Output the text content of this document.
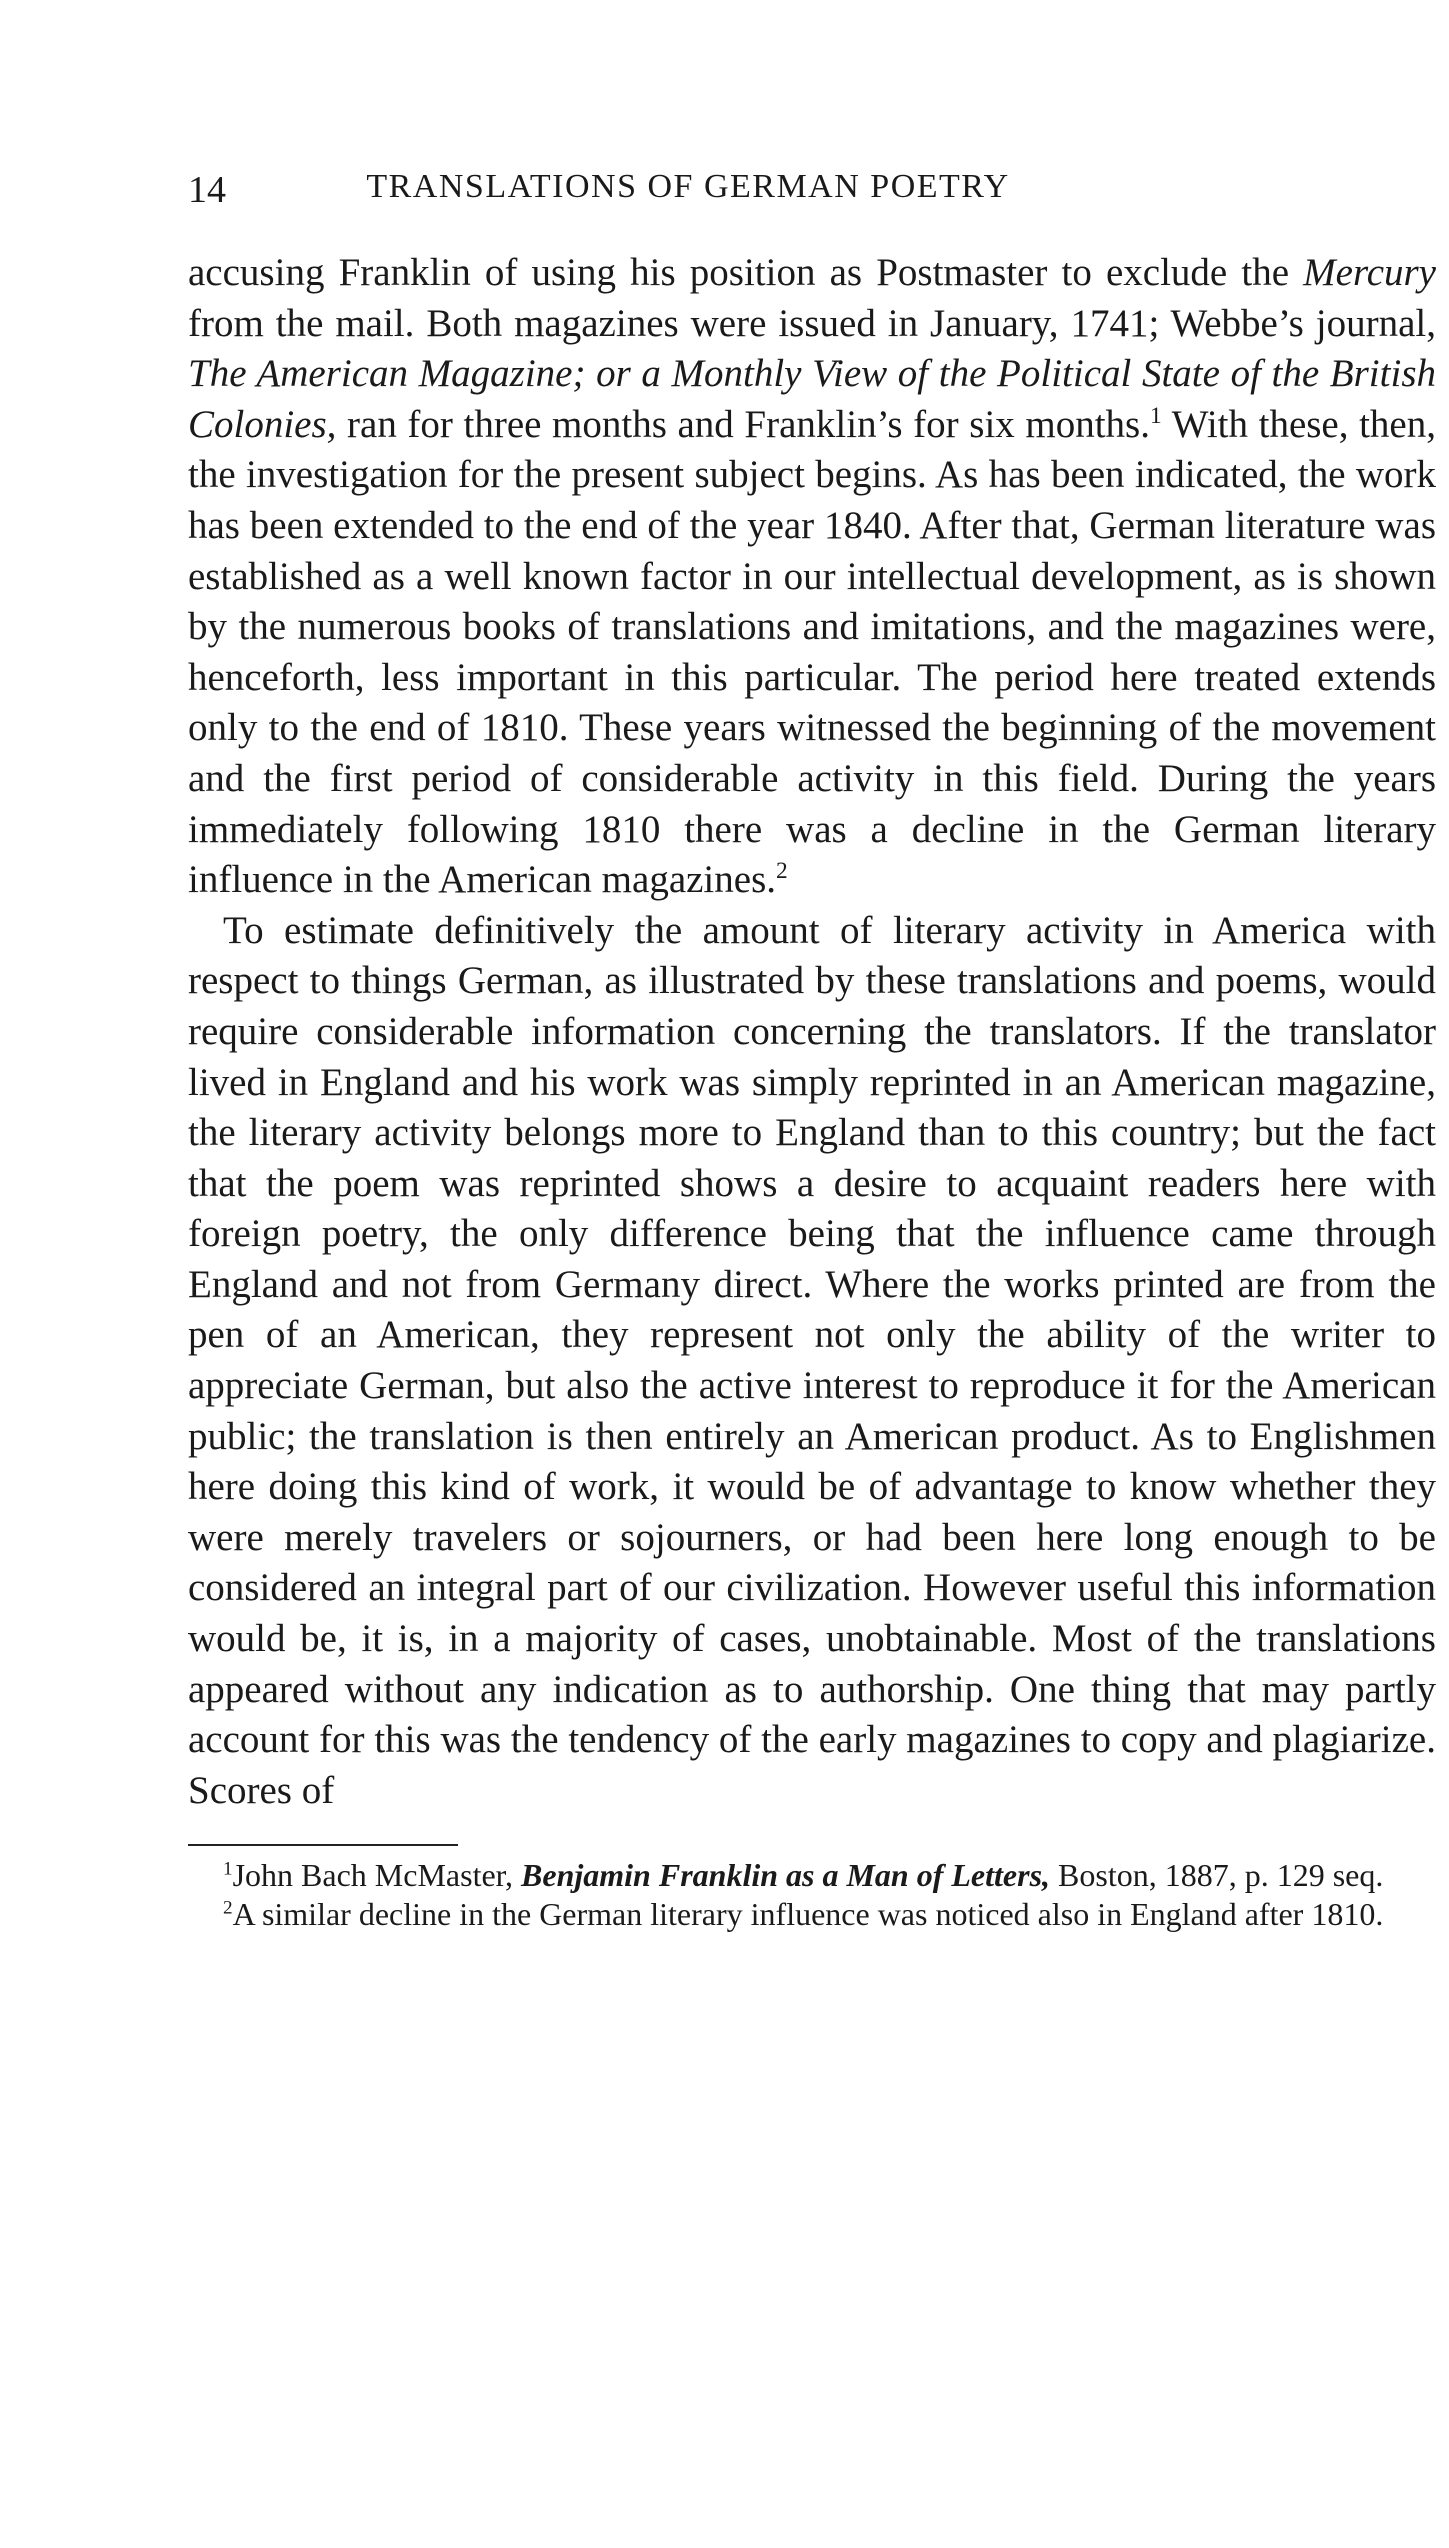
14	TRANSLATIONS OF GERMAN POETRY

accusing Franklin of using his position as Postmaster to exclude the Mercury from the mail. Both magazines were issued in January, 1741; Webbe’s journal, The American Magazine; or a Monthly View of the Political State of the British Colonies, ran for three months and Franklin’s for six months.$^1$ With these, then, the investigation for the present subject begins. As has been indicated, the work has been extended to the end of the year 1840. After that, German literature was established as a well known factor in our intellectual development, as is shown by the numerous books of translations and imitations, and the magazines were, henceforth, less important in this particular. The period here treated extends only to the end of 1810. These years witnessed the beginning of the movement and the first period of considerable activity in this field. During the years immediately following 1810 there was a decline in the German literary influence in the American magazines.$^2$

To estimate definitively the amount of literary activity in America with respect to things German, as illustrated by these translations and poems, would require considerable information concerning the translators. If the translator lived in England and his work was simply reprinted in an American magazine, the literary activity belongs more to England than to this country; but the fact that the poem was reprinted shows a desire to acquaint readers here with foreign poetry, the only difference being that the influence came through England and not from Germany direct. Where the works printed are from the pen of an American, they represent not only the ability of the writer to appreciate German, but also the active interest to reproduce it for the American public; the translation is then entirely an American product. As to Englishmen here doing this kind of work, it would be of advantage to know whether they were merely travelers or sojourners, or had been here long enough to be considered an integral part of our civilization. However useful this information would be, it is, in a majority of cases, unobtainable. Most of the translations appeared without any indication as to authorship. One thing that may partly account for this was the tendency of the early magazines to copy and plagiarize. Scores of

$^1$John Bach McMaster, Benjamin Franklin as a Man of Letters, Boston, 1887, p. 129 seq.

$^2$A similar decline in the German literary influence was noticed also in England after 1810.
